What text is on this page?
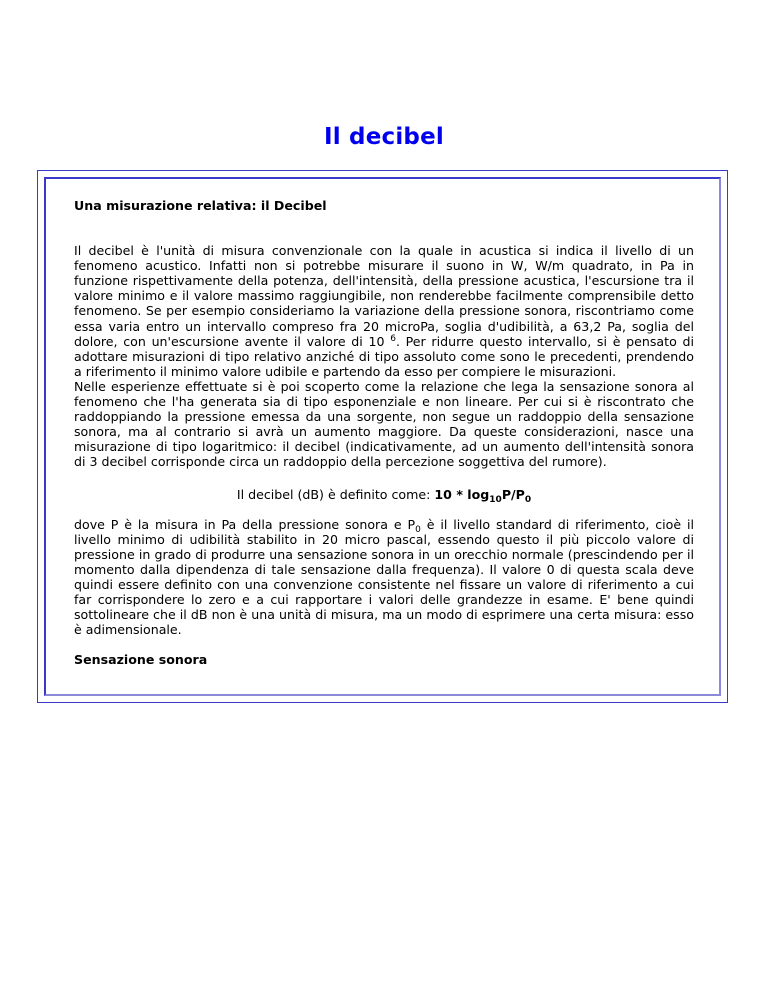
Il decibel

Una misurazione relativa: il Decibel

Il decibel è l'unità di misura convenzionale con la quale in acustica si indica il livello di un fenomeno acustico. Infatti non si potrebbe misurare il suono in W, W/m quadrato, in Pa in funzione rispettivamente della potenza, dell'intensità, della pressione acustica, l'escursione tra il valore minimo e il valore massimo raggiungibile, non renderebbe facilmente comprensibile detto fenomeno. Se per esempio consideriamo la variazione della pressione sonora, riscontriamo come essa varia entro un intervallo compreso fra 20 microPa, soglia d'udibilità, a 63,2 Pa, soglia del dolore, con un'escursione avente il valore di 10 $^6$. Per ridurre questo intervallo, si è pensato di adottare misurazioni di tipo relativo anziché di tipo assoluto come sono le precedenti, prendendo a riferimento il minimo valore udibile e partendo da esso per compiere le misurazioni.

Nelle esperienze effettuate si è poi scoperto come la relazione che lega la sensazione sonora al fenomeno che l'ha generata sia di tipo esponenziale e non lineare. Per cui si è riscontrato che raddoppiando la pressione emessa da una sorgente, non segue un raddoppio della sensazione sonora, ma al contrario si avrà un aumento maggiore. Da queste considerazioni, nasce una misurazione di tipo logaritmico: il decibel (indicativamente, ad un aumento dell'intensità sonora di 3 decibel corrisponde circa un raddoppio della percezione soggettiva del rumore).

Il decibel (dB) è definito come: $10 * \log_{10}P/P_0$

dove P è la misura in Pa della pressione sonora e $P_0$ è il livello standard di riferimento, cioè il livello minimo di udibilità stabilito in 20 micro pascal, essendo questo il più piccolo valore di pressione in grado di produrre una sensazione sonora in un orecchio normale (prescindendo per il momento dalla dipendenza di tale sensazione dalla frequenza). Il valore 0 di questa scala deve quindi essere definito con una convenzione consistente nel fissare un valore di riferimento a cui far corrispondere lo zero e a cui rapportare i valori delle grandezze in esame. E' bene quindi sottolineare che il dB non è una unità di misura, ma un modo di esprimere una certa misura: esso è adimensionale.

Sensazione sonora
